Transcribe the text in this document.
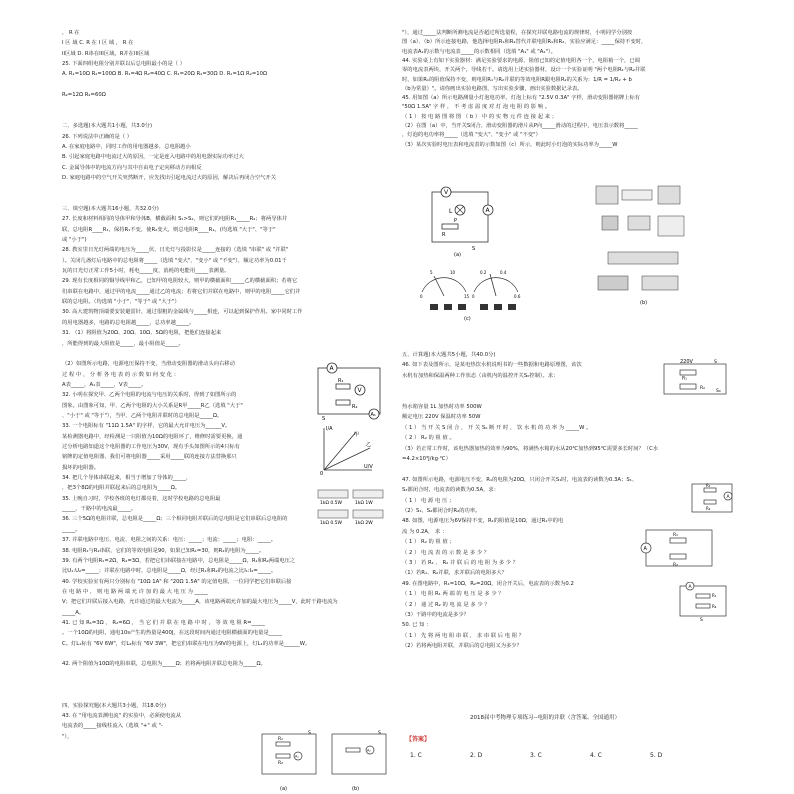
， R 在
I 区 域 C. R 在 I 区 域 ， R 在
II区域 D. R串在III区域，R并在III区域
25. 下面四组电阻分别并联以后总电阻最小的是（ ）
A. R₁=10Ω R₂=100Ω B. R₁=4Ω R₂=40Ω C. R₁=20Ω R₂=30Ω D. R₁=1Ω R₂=10Ω
R₂=12Ω R₂=60Ω
二、多选题(本大题共1小题，共3.0分)
26. 下列说法中正确的是（ ）
A. 在家庭电路中，同时工作的用电器越多，总电阻越小
B. 引起家庭电路中电流过大的原因，一定是连入电路中的用电器实际功率过大
C. 金属导体中的电流方向与其中自由电子定向移动方向相反
D. 家庭电路中的空气开关突然断开，应先找出引起电流过大的原因，解决后再闭合空气开关
三、填空题(本大题共16小题，共32.0分)
27. 长度和材料相同的导体甲和导体B，横截面积 S₁>S₂，则它们的电阻R₁_____R₂；将两导体并
联，总电阻R____R₁，保持R₁不变，使R₂变大，则总电阻R____R₁。(均选填 "大于"、"等于"
或 "小于")
28. 教室里日光灯两端的电压为_____伏，日光灯与投影仪是_____连接的（选填 "串联" 或 "并联"
）。关闭几盏灯后电路中的总电阻将_____（选填 "变大"、"变小" 或 "不变"），额定功率为0.01千
瓦的日光灯正常工作5小时，耗电_____度，消耗的电能用_____表测量。
29. 现有长度相同的铜导线甲和乙，已知甲的电阻较大，则甲的横截面积_____乙的横截面积；若将它
们串联在电路中，通过甲的电流_____通过乙的电流；若将它们并联在电路中，则甲的电阻_____它们并
联的总电阻。（均选填 "小于"、"等于" 或 "大于"）
30. 高大建筑物顶端要安装避雷针，通过很粗的金属线与_____相连，可以起到保护作用。家中同时工作
的用电器越多，电路的总电阻越_____，总功率越_____。
31. （1）将阻值为20Ω、20Ω、10Ω、5Ω的电阻，把他们连接起来
，所能得到的最大阻值是_____，最小阻值是_____。
（2）如图所示电路，电源电压保持不变，当滑动变阻器的滑动头向右移动
过 程 中 ， 分 析 各 电 表 的 示 数 如 何 变 化 ：
A表_____，A₁表_____，V表_____。
32. 小明在探究甲、乙两个电阻的电流与电压的关系时，得到了如图所示的
图象。由图象可知，甲、乙两个电阻的大小关系是R甲_____R乙（选填 "大于"
、"小于" 或 "等于"），当甲、乙两个电阻并联时的总电阻是_____Ω。
33. 一个电阻标有 "11Ω 1.5A" 的字样，它的最大允许电压为______V。
某检测器电路中，经检测是一只阻值为10Ω的电阻坏了，维修时需要更换，通
过分析电路知道这个电阻器的工作电压为30V，现有手头如图所示的4只标有
铭牌的定值电阻器，我们可将电阻器_____采用_____联的连接方法替换那只
损坏的电阻器。
34. 把几个导体串联起来，相当于增加了导体的_____，
，把3个8Ω的电阻并联起来后的总电阻为_____Ω。
35. 上晚自习时，学校各班的电灯都亮着，这时学校电路的总电阻最
_____，干路中的电流最_____。
36. 三个5Ω的电阻并联，总电阻是_____Ω；三个相同电阻并联后的总电阻是它们串联后总电阻的
_____。
37. 并联电路中电压、电流、电阻之间的关系：电压：_____；电流：_____；电阻：_____。
38. 电阻R₁与R₂串联，它们的等效电阻是90，如果已知R₁=30，则R₂的电阻为_____。
39. 有两个电阻R₁=2Ω，R₂=3Ω，若把它们串联接在电路中，总电阻是_____Ω，R₁和R₂两端电压之
比U₁:U₂=_____；并联在电路中时，总电阻是_____Ω，经过R₁和R₂的电流之比I₁:I₂=_____。
40. 学校实验室有两只分别标有 "10Ω 1A" 和 "20Ω 1.5A" 的定值电阻，一位同学把它们串联后接
在 电 路 中 ， 则 电 路 两 端 允 许 加 的 最 大 电 压 为 _____
V；把它们并联后接入电路，允许通过的最大电流为_____A，该电路两端允许加的最大电压为_____V，此时干路电流为
_____A。
41. 已 知 R₁=3Ω ， R₂=6Ω ， 当 它 们 并 联 在 电 路 中 时 ， 等 效 电 阻 R=_____
。一个10Ω的电阻，通电10s产生的热量是400J，在这段时间内通过电阻横截面的电量是_____
C。灯L₁标有 "6V 6W"，灯L₂标有 "6V 3W"，把它们串联在电压为9V的电源上，灯L₁的功率是______W。
42. 两个阻值为10Ω的电阻串联，总电阻为_____Ω；若将两电阻并联总电阻为_____Ω。
四、实验探究题(本大题共3小题，共18.0分)
43. 在 "用电流表测电流" 的实验中，必须使电流从
电流表的_____接线柱流入（选填 "+" 或 "-
"），
"），通过_____法判断所测电流是否超过所选量程，在探究并联电路电流的规律时，小明同学分别按
图（a）、（b）所示连接电路，他选择电阻R₁和R₂替代并联电阻R₁和R₂，实验应满足：_____保持不变时，
电流表A₁的示数与电流表_____的示数相同（选填 "A₁" 或 "A₂"）。
44. 实验桌上有如下实验器材：满足实验要求的电源、阻值已知的定值电阻各一个，电阻箱一个，已调
零的电流表两块，开关两个，导线若干。请选用上述实验器材，设计一个实验证明 "两个电阻R₁与R₂并联
时，如果R₁的阻值保持不变，则电阻R₁与R₂并联的等效电阻R跟电阻R₂的关系为：1/R = 1/R₂ + b
（b为常量）"。请你画出实验电路图，写出实验步骤，画出实验数据记录表。
45. 用如图（a）所示电路测量小灯泡电功率，灯泡上标有 "2.5V 0.3A" 字样，滑动变阻器铭牌上标有
"50Ω 1.5A" 字 样 ， 不 考 虑 温 度 对 灯 泡 电 阻 的 影 响 。
（ 1 ） 按 电 路 图 将 图 （ b ） 中 的 实 物 元 件 连 接 起 来 ；
（2）在图（a）中，当开关S闭合，滑动变阻器的滑片从P向_____滑动的过程中，电压表示数将_____
，灯泡的电功率将_____（选填 "变大"、"变小" 或 "不变"）
（3）某次实验时电压表和电流表的示数如图（c）所示，则此时小灯泡的实际功率为_____W
五、计算题(本大题共5小题，共40.0分)
46. 如下表及图所示，是某电热饮水机说明书的一些数据和电路原理图，该饮
水机有加热和保温两种工作状态（由机内的温控开关S₀控制）。求：
热水箱容量 1L 加热时功率 500W
额定电压 220V 保温时功率 50W
（ 1 ） 当 开 关 S 闭 合 ， 开 关 S₀ 断 开 时 ， 饮 水 机 的 功 率 为 _____W 。
（ 2 ） R₂ 的 阻 值 。
（3）若正常工作时，该电热器加热的效率为90%，将满热水箱的水从20℃加热到95℃需要多长时间？（C水
=4.2×10³J/kg·℃）
47. 如图所示电路，电源电压不变，R₁的电阻为20Ω，只闭合开关S₁时，电流表的读数为0.3A；S₁、
S₂都闭合时，电流表的读数为0.5A，求：
（ 1 ） 电 源 电 压 ；
（2）S₁、S₂都闭合时R₂的功率。
48. 如图，电源电压为6V保持不变，R₁的阻值是10Ω，通过R₁中的电
流 为 0.2A， 求 ：
（ 1 ） R₂ 的 阻 值 ；
（ 2 ） 电 流 表 的 示 数 是 多 少 ？
（ 3 ） 若 R₁ 、 R₂ 并 联 后 的 电 阻 为 多 少 ？
（1）若R₁、R₂并联，求并联后的电阻多大？
49. 在图电路中，R₁=10Ω，R₂=20Ω，闭合开关后，电流表的示数为0.2
（ 1 ） 电 阻 R₁ 两 端 的 电 压 是 多 少 ？
（ 2 ） 通 过 R₂ 的 电 流 是 多 少 ？
（3）干路中的电流是多少？
50. 已 知 ：
（ 1 ） 先 将 两 电 阻 串 联 ， 求 串 联 后 电 阻 ？
（2）若将两电阻并联，并联后的总电阻又为多少？
A
V
R₁
R₂
A₁
S
I/A
U/V
甲
乙
0
1kΩ 0.5W	1kΩ 1W
1kΩ 0.5W	1kΩ 2W
R₁
R₂
A₁
S
(a)
A₂
S
(b)
V
A
L
R
P
S
(a)
0
5	10
15 0
0.2	0.4
0.6
(c)
(b)
220V
R₁
R₂
S
S₀
A
R₁
R₂
A
R₁
R₂
A
R₁
R₂
S
2018届中考物理专项练习--电阻的并联（含答案、全国通用）
【答案】
1. C	2. D	3. C	4. C	5. D
